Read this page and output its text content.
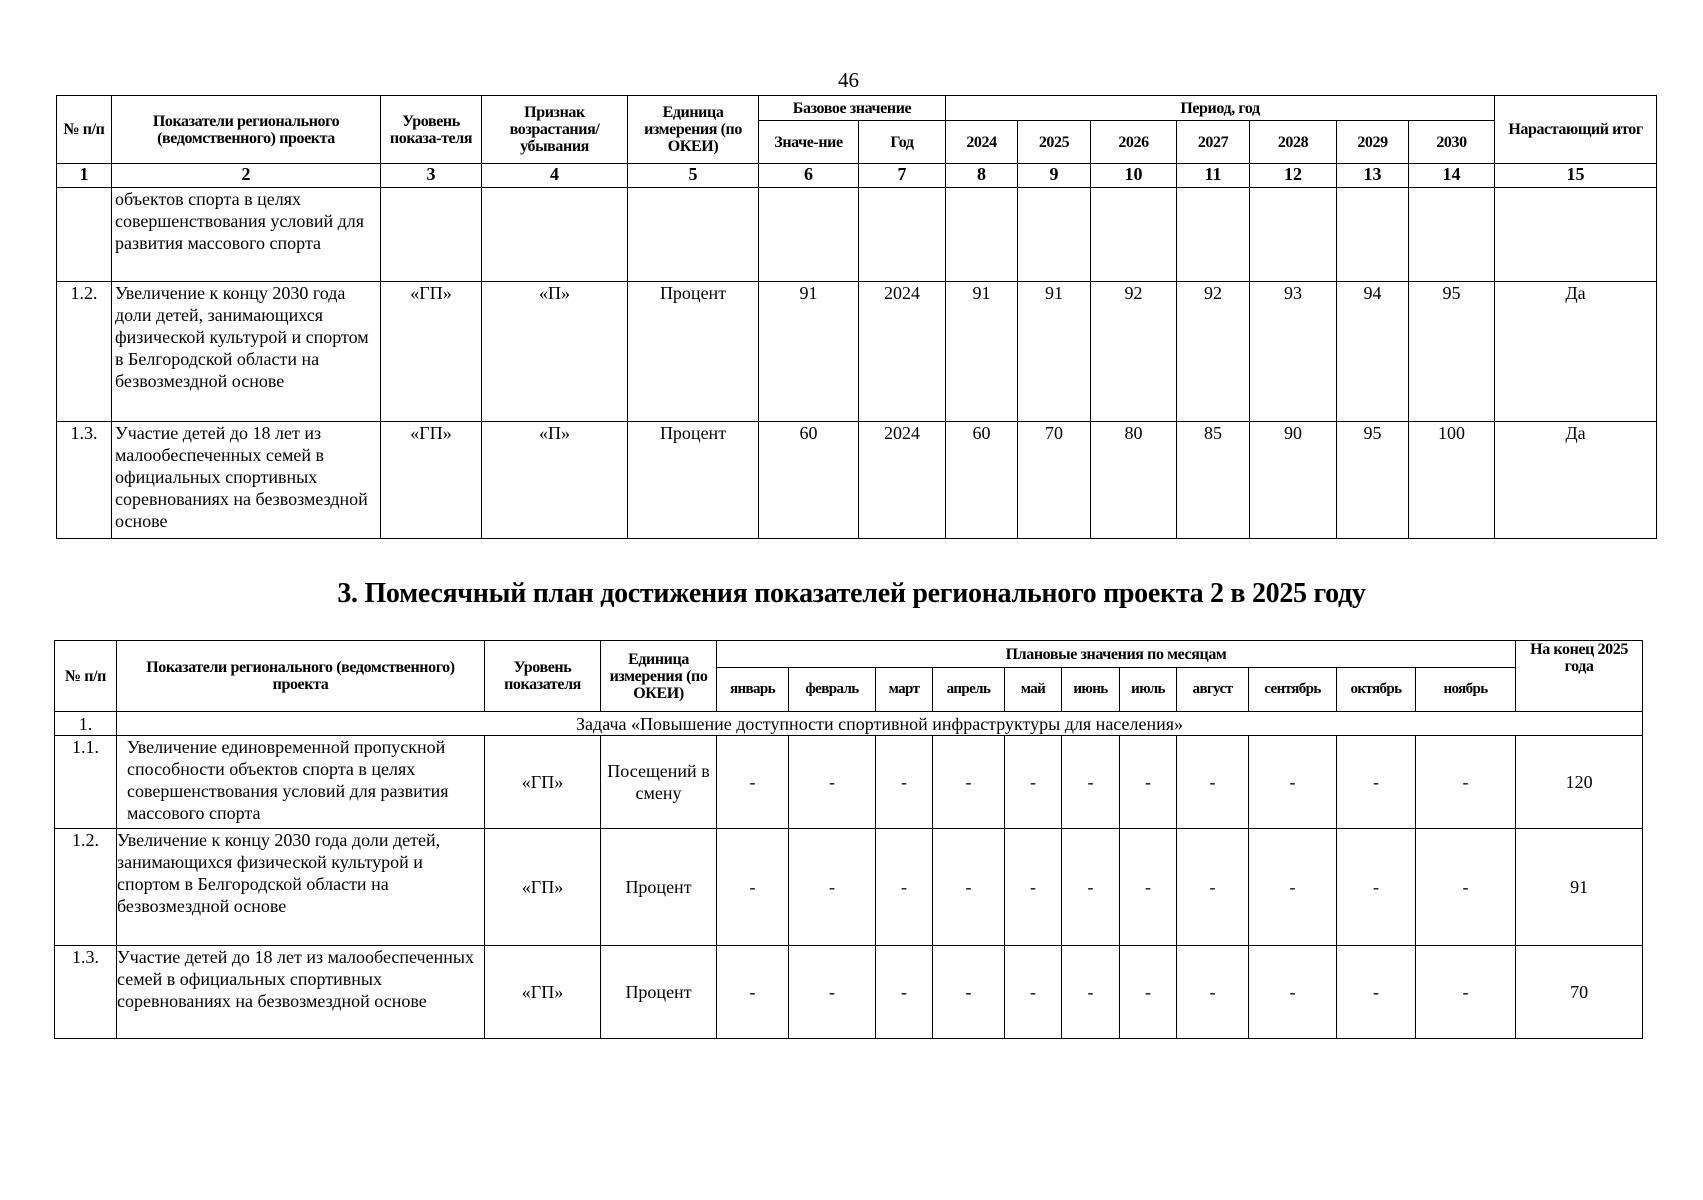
46
№ п/п	Показатели регионального (ведомственного) проекта	Уровень показа-теля	Признак возрастания/ убывания	Единица измерения (по ОКЕИ)	Базовое значение		Период, год							Нарастающий итог
					Значе-ние	Год	2024	2025	2026	2027	2028	2029	2030	
1	2	3	4	5	6	7	8	9	10	11	12	13	14	15
	объектов спорта в целях совершенствования условий для развития массового спорта													
1.2.	Увеличение к концу 2030 года доли детей, занимающихся физической культурой и спортом в Белгородской области на безвозмездной основе	«ГП»	«П»	Процент	91	2024	91	91	92	92	93	94	95	Да
1.3.	Участие детей до 18 лет из малообеспеченных семей в официальных спортивных соревнованиях на безвозмездной основе	«ГП»	«П»	Процент	60	2024	60	70	80	85	90	95	100	Да
3. Помесячный план достижения показателей регионального проекта 2 в 2025 году
№ п/п	Показатели регионального (ведомственного) проекта	Уровень показателя	Единица измерения (по ОКЕИ)	Плановые значения по месяцам											На конец 2025 года
				январь	февраль	март	апрель	май	июнь	июль	август	сентябрь	октябрь	ноябрь	
1.	Задача «Повышение доступности спортивной инфраструктуры для населения»														
1.1.	Увеличение единовременной пропускной способности объектов спорта в целях совершенствования условий для развития массового спорта	«ГП»	Посещений в смену	-	-	-	-	-	-	-	-	-	-	-	120
1.2.	Увеличение к концу 2030 года доли детей, занимающихся физической культурой и спортом в Белгородской области на безвозмездной основе	«ГП»	Процент	-	-	-	-	-	-	-	-	-	-	-	91
1.3.	Участие детей до 18 лет из малообеспеченных семей в официальных спортивных соревнованиях на безвозмездной основе	«ГП»	Процент	-	-	-	-	-	-	-	-	-	-	-	70
